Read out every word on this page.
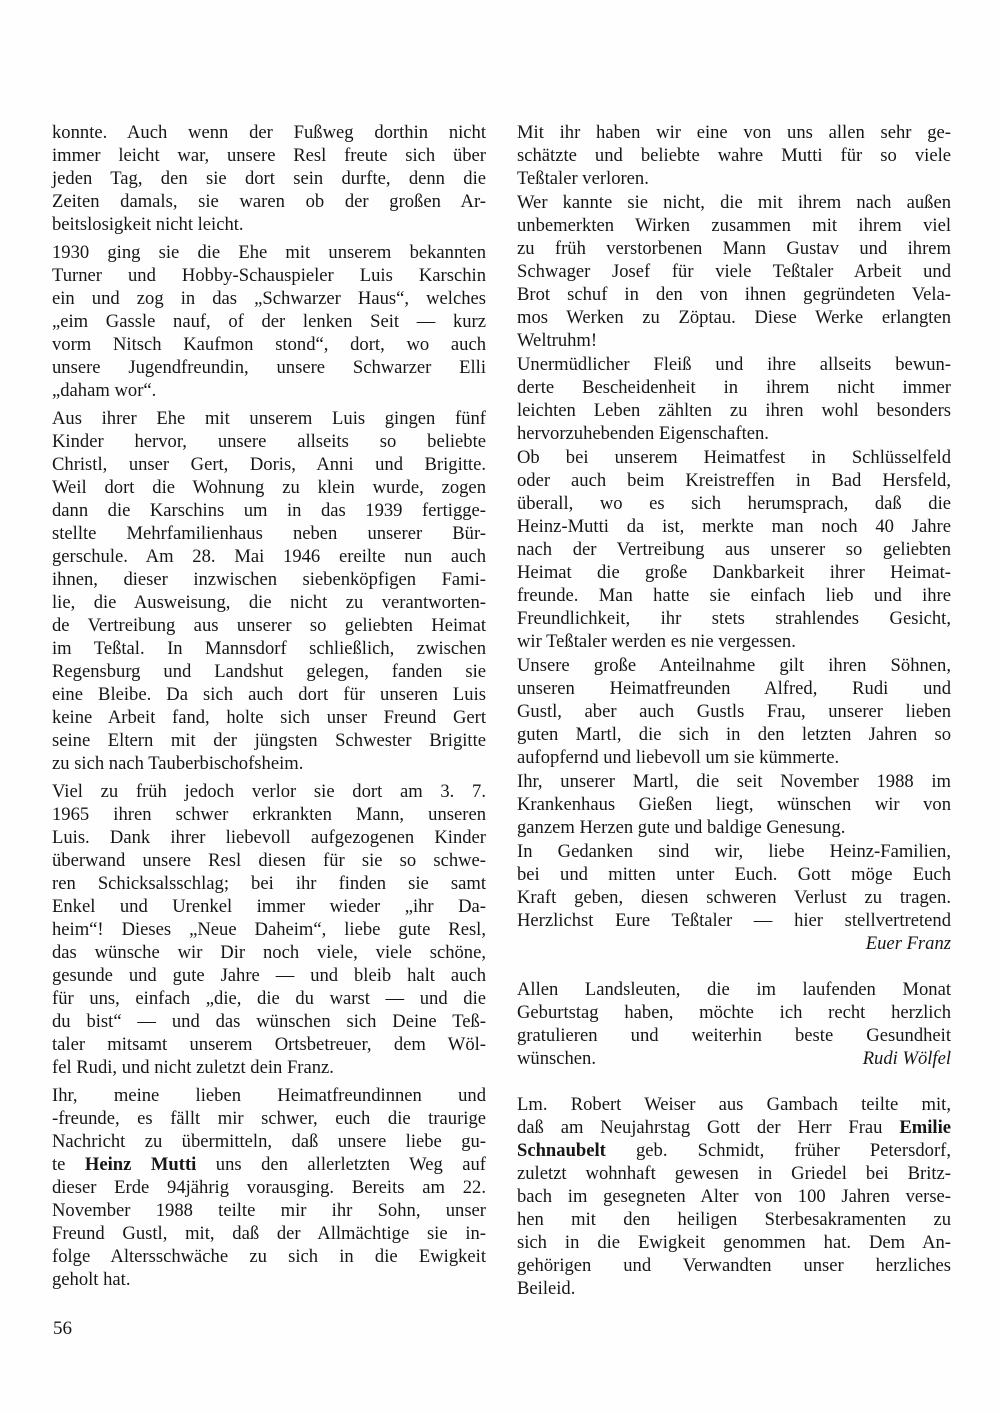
konnte. Auch wenn der Fußweg dorthin nicht
immer leicht war, unsere Resl freute sich über
jeden Tag, den sie dort sein durfte, denn die
Zeiten damals, sie waren ob der großen Ar-
beitslosigkeit nicht leicht.
1930 ging sie die Ehe mit unserem bekannten
Turner und Hobby-Schauspieler Luis Karschin
ein und zog in das „Schwarzer Haus“, welches
„eim Gassle nauf, of der lenken Seit — kurz
vorm Nitsch Kaufmon stond“, dort, wo auch
unsere Jugendfreundin, unsere Schwarzer Elli
„daham wor“.
Aus ihrer Ehe mit unserem Luis gingen fünf
Kinder hervor, unsere allseits so beliebte
Christl, unser Gert, Doris, Anni und Brigitte.
Weil dort die Wohnung zu klein wurde, zogen
dann die Karschins um in das 1939 fertigge-
stellte Mehrfamilienhaus neben unserer Bür-
gerschule. Am 28. Mai 1946 ereilte nun auch
ihnen, dieser inzwischen siebenköpfigen Fami-
lie, die Ausweisung, die nicht zu verantworten-
de Vertreibung aus unserer so geliebten Heimat
im Teßtal. In Mannsdorf schließlich, zwischen
Regensburg und Landshut gelegen, fanden sie
eine Bleibe. Da sich auch dort für unseren Luis
keine Arbeit fand, holte sich unser Freund Gert
seine Eltern mit der jüngsten Schwester Brigitte
zu sich nach Tauberbischofsheim.
Viel zu früh jedoch verlor sie dort am 3. 7.
1965 ihren schwer erkrankten Mann, unseren
Luis. Dank ihrer liebevoll aufgezogenen Kinder
überwand unsere Resl diesen für sie so schwe-
ren Schicksalsschlag; bei ihr finden sie samt
Enkel und Urenkel immer wieder „ihr Da-
heim“! Dieses „Neue Daheim“, liebe gute Resl,
das wünsche wir Dir noch viele, viele schöne,
gesunde und gute Jahre — und bleib halt auch
für uns, einfach „die, die du warst — und die
du bist“ — und das wünschen sich Deine Teß-
taler mitsamt unserem Ortsbetreuer, dem Wöl-
fel Rudi, und nicht zuletzt dein Franz.
Ihr, meine lieben Heimatfreundinnen und
-freunde, es fällt mir schwer, euch die traurige
Nachricht zu übermitteln, daß unsere liebe gu-
te Heinz Mutti uns den allerletzten Weg auf
dieser Erde 94jährig vorausging. Bereits am 22.
November 1988 teilte mir ihr Sohn, unser
Freund Gustl, mit, daß der Allmächtige sie in-
folge Altersschwäche zu sich in die Ewigkeit
geholt hat.
Mit ihr haben wir eine von uns allen sehr ge-
schätzte und beliebte wahre Mutti für so viele
Teßtaler verloren.
Wer kannte sie nicht, die mit ihrem nach außen
unbemerkten Wirken zusammen mit ihrem viel
zu früh verstorbenen Mann Gustav und ihrem
Schwager Josef für viele Teßtaler Arbeit und
Brot schuf in den von ihnen gegründeten Vela-
mos Werken zu Zöptau. Diese Werke erlangten
Weltruhm!
Unermüdlicher Fleiß und ihre allseits bewun-
derte Bescheidenheit in ihrem nicht immer
leichten Leben zählten zu ihren wohl besonders
hervorzuhebenden Eigenschaften.
Ob bei unserem Heimatfest in Schlüsselfeld
oder auch beim Kreistreffen in Bad Hersfeld,
überall, wo es sich herumsprach, daß die
Heinz-Mutti da ist, merkte man noch 40 Jahre
nach der Vertreibung aus unserer so geliebten
Heimat die große Dankbarkeit ihrer Heimat-
freunde. Man hatte sie einfach lieb und ihre
Freundlichkeit, ihr stets strahlendes Gesicht,
wir Teßtaler werden es nie vergessen.
Unsere große Anteilnahme gilt ihren Söhnen,
unseren Heimatfreunden Alfred, Rudi und
Gustl, aber auch Gustls Frau, unserer lieben
guten Martl, die sich in den letzten Jahren so
aufopfernd und liebevoll um sie kümmerte.
Ihr, unserer Martl, die seit November 1988 im
Krankenhaus Gießen liegt, wünschen wir von
ganzem Herzen gute und baldige Genesung.
In Gedanken sind wir, liebe Heinz-Familien,
bei und mitten unter Euch. Gott möge Euch
Kraft geben, diesen schweren Verlust zu tragen.
Herzlichst Eure Teßtaler — hier stellvertretend
Euer Franz
Allen Landsleuten, die im laufenden Monat
Geburtstag haben, möchte ich recht herzlich
gratulieren und weiterhin beste Gesundheit
wünschen.	Rudi Wölfel
Lm. Robert Weiser aus Gambach teilte mit,
daß am Neujahrstag Gott der Herr Frau Emilie
Schnaubelt geb. Schmidt, früher Petersdorf,
zuletzt wohnhaft gewesen in Griedel bei Britz-
bach im gesegneten Alter von 100 Jahren verse-
hen mit den heiligen Sterbesakramenten zu
sich in die Ewigkeit genommen hat. Dem An-
gehörigen und Verwandten unser herzliches
Beileid.
56
